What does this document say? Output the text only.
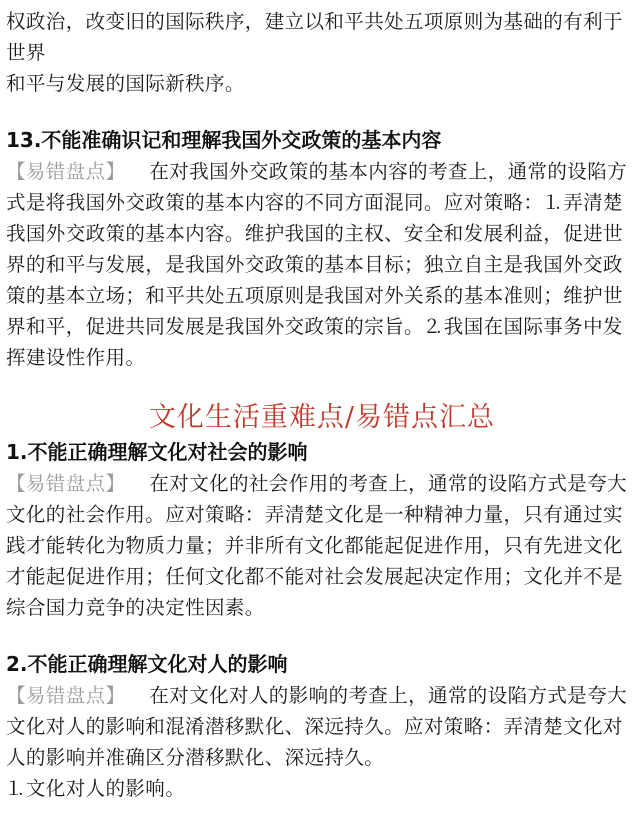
权政治，改变旧的国际秩序，建立以和平共处五项原则为基础的有利于世界
和平与发展的国际新秩序。

13.不能准确识记和理解我国外交政策的基本内容

【易错盘点】 在对我国外交政策的基本内容的考查上，通常的设陷方式是将我国外交政策的基本内容的不同方面混同。应对策略：⒈弄清楚我国外交政策的基本内容。维护我国的主权、安全和发展利益，促进世界的和平与发展，是我国外交政策的基本目标；独立自主是我国外交政策的基本立场；和平共处五项原则是我国对外关系的基本准则；维护世界和平，促进共同发展是我国外交政策的宗旨。⒉我国在国际事务中发挥建设性作用。

文化生活重难点/易错点汇总

1.不能正确理解文化对社会的影响

【易错盘点】 在对文化的社会作用的考查上，通常的设陷方式是夸大文化的社会作用。应对策略：弄清楚文化是一种精神力量，只有通过实践才能转化为物质力量；并非所有文化都能起促进作用，只有先进文化才能起促进作用；任何文化都不能对社会发展起决定作用；文化并不是综合国力竞争的决定性因素。

2.不能正确理解文化对人的影响

【易错盘点】 在对文化对人的影响的考查上，通常的设陷方式是夸大文化对人的影响和混淆潜移默化、深远持久。应对策略：弄清楚文化对人的影响并准确区分潜移默化、深远持久。

⒈文化对人的影响。
